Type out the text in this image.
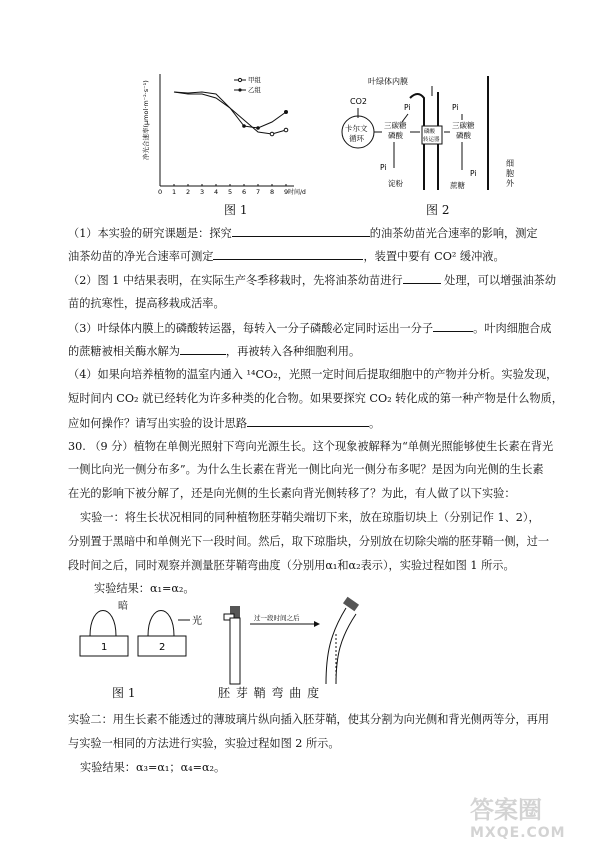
0 1 2 3 4 5 6 7 8 9 时间/d
净光合速率(μmol·m⁻²·s⁻¹)
甲组
乙组
图 1
叶绿体内膜
CO2
卡尔文
循环
三碳糖
磷酸
Pi
磷酸
转运器
Pi
三碳糖
磷酸
Pi
淀粉
Pi
蔗糖
细
胞
外
图 2
（1）本实验的研究课题是：探究	的油茶幼苗光合速率的影响，测定
油茶幼苗的净光合速率可测定	，装置中要有 CO² 缓冲液。
（2）图 1 中结果表明，在实际生产冬季移栽时，先将油茶幼苗进行	处理，可以增强油茶幼
苗的抗寒性，提高移栽成活率。
（3）叶绿体内膜上的磷酸转运器，每转入一分子磷酸必定同时运出一分子	。叶肉细胞合成
的蔗糖被相关酶水解为	，再被转入各种细胞利用。
（4）如果向培养植物的温室内通入 ¹⁴CO₂，光照一定时间后提取细胞中的产物并分析。实验发现，
短时间内 CO₂ 就已经转化为许多种类的化合物。如果要探究 CO₂ 转化成的第一种产物是什么物质，
应如何操作？请写出实验的设计思路	。
30. （9 分）植物在单侧光照射下弯向光源生长。这个现象被解释为“单侧光照能够使生长素在背光
一侧比向光一侧分布多”。为什么生长素在背光一侧比向光一侧分布多呢？是因为向光侧的生长素
在光的影响下被分解了，还是向光侧的生长素向背光侧转移了？为此，有人做了以下实验：
实验一：将生长状况相同的同种植物胚芽鞘尖端切下来，放在琼脂切块上（分别记作 1、2），
分别置于黑暗中和单侧光下一段时间。然后，取下琼脂块，分别放在切除尖端的胚芽鞘一侧，过一
段时间之后，同时观察并测量胚芽鞘弯曲度（分别用α₁和α₂表示），实验过程如图 1 所示。
实验结果：α₁=α₂。
1
暗
2
光	过一段时间之后
图 1	胚 芽 鞘 弯 曲 度
实验二：用生长素不能透过的薄玻璃片纵向插入胚芽鞘，使其分割为向光侧和背光侧两等分，再用
与实验一相同的方法进行实验，实验过程如图 2 所示。
实验结果：α₃=α₁；α₄=α₂。
答案圈
MXQE.COM
